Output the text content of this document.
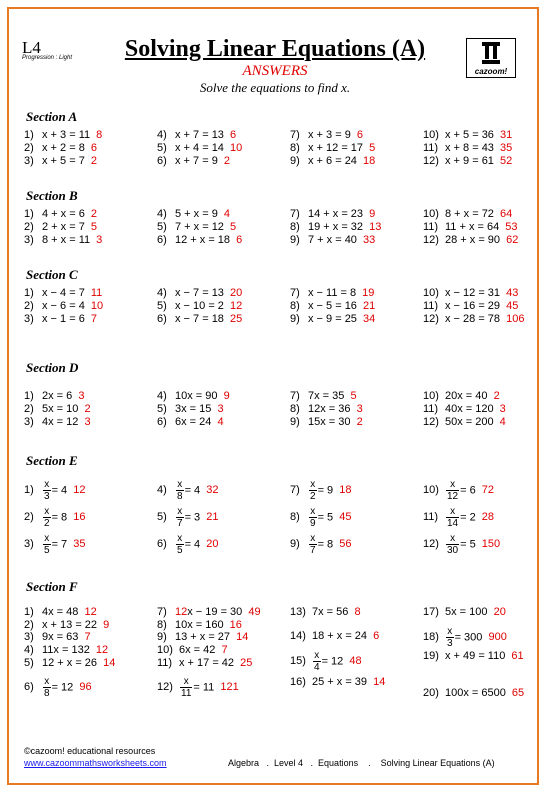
L4
Progression : Light	Solving Linear Equations (A)
ANSWERS
Solve the equations to find x.
cazoom!
Section A
1) x + 3 = 11 8
2) x + 2 = 8 6
3) x + 5 = 7 2
4) x + 7 = 13 6
5) x + 4 = 14 10
6) x + 7 = 9 2
7) x + 3 = 9 6
8) x + 12 = 17 5
9) x + 6 = 24 18
10) x + 5 = 36 31
11) x + 8 = 43 35
12) x + 9 = 61 52
Section B
1) 4 + x = 6 2
2) 2 + x = 7 5
3) 8 + x = 11 3
4) 5 + x = 9 4
5) 7 + x = 12 5
6) 12 + x = 18 6
7) 14 + x = 23 9
8) 19 + x = 32 13
9) 7 + x = 40 33
10) 8 + x = 72 64
11) 11 + x = 64 53
12) 28 + x = 90 62
Section C
1) x − 4 = 7 11
2) x − 6 = 4 10
3) x − 1 = 6 7
4) x − 7 = 13 20
5) x − 10 = 2 12
6) x − 7 = 18 25
7) x − 11 = 8 19
8) x − 5 = 16 21
9) x − 9 = 25 34
10) x − 12 = 31 43
11) x − 16 = 29 45
12) x − 28 = 78 106
Section D
1) 2x = 6 3
2) 5x = 10 2
3) 4x = 12 3
4) 10x = 90 9
5) 3x = 15 3
6) 6x = 24 4
7) 7x = 35 5
8) 12x = 36 3
9) 15x = 30 2
10) 20x = 40 2
11) 40x = 120 3
12) 50x = 200 4
Section E
$1) \frac{x}{3} = 4$ 12
$2) \frac{x}{2} = 8$ 16
$3) \frac{x}{5} = 7$ 35
$4) \frac{x}{8} = 4$ 32
$5) \frac{x}{7} = 3$ 21
$6) \frac{x}{5} = 4$ 20
$7) \frac{x}{2} = 9$ 18
$8) \frac{x}{9} = 5$ 45
$9) \frac{x}{7} = 8$ 56
$10) \frac{x}{12} = 6$ 72
$11) \frac{x}{14} = 2$ 28
$12) \frac{x}{30} = 5$ 150
Section F
1) 4x = 48 12
2) x + 13 = 22 9
3) 9x = 63 7
4) 11x = 132 12
5) 12 + x = 26 14
$6) \frac{x}{8} = 12$ 96
7) 12x − 19 = 30 49
8) 10x = 160 16
9) 13 + x = 27 14
10) 6x = 42 7
11) x + 17 = 42 25
$12) \frac{x}{11} = 11$ 121
13) 7x = 56 8
14) 18 + x = 24 6
$15) \frac{x}{4} = 12$ 48
16) 25 + x = 39 14
17) 5x = 100 20
$18) \frac{x}{3} = 300$ 900
19) x + 49 = 110 61
20) 100x = 6500 65
©cazoom! educational resources
www.cazoommathsworksheets.com	Algebra   .  Level 4   .  Equations    .    Solving Linear Equations (A)
